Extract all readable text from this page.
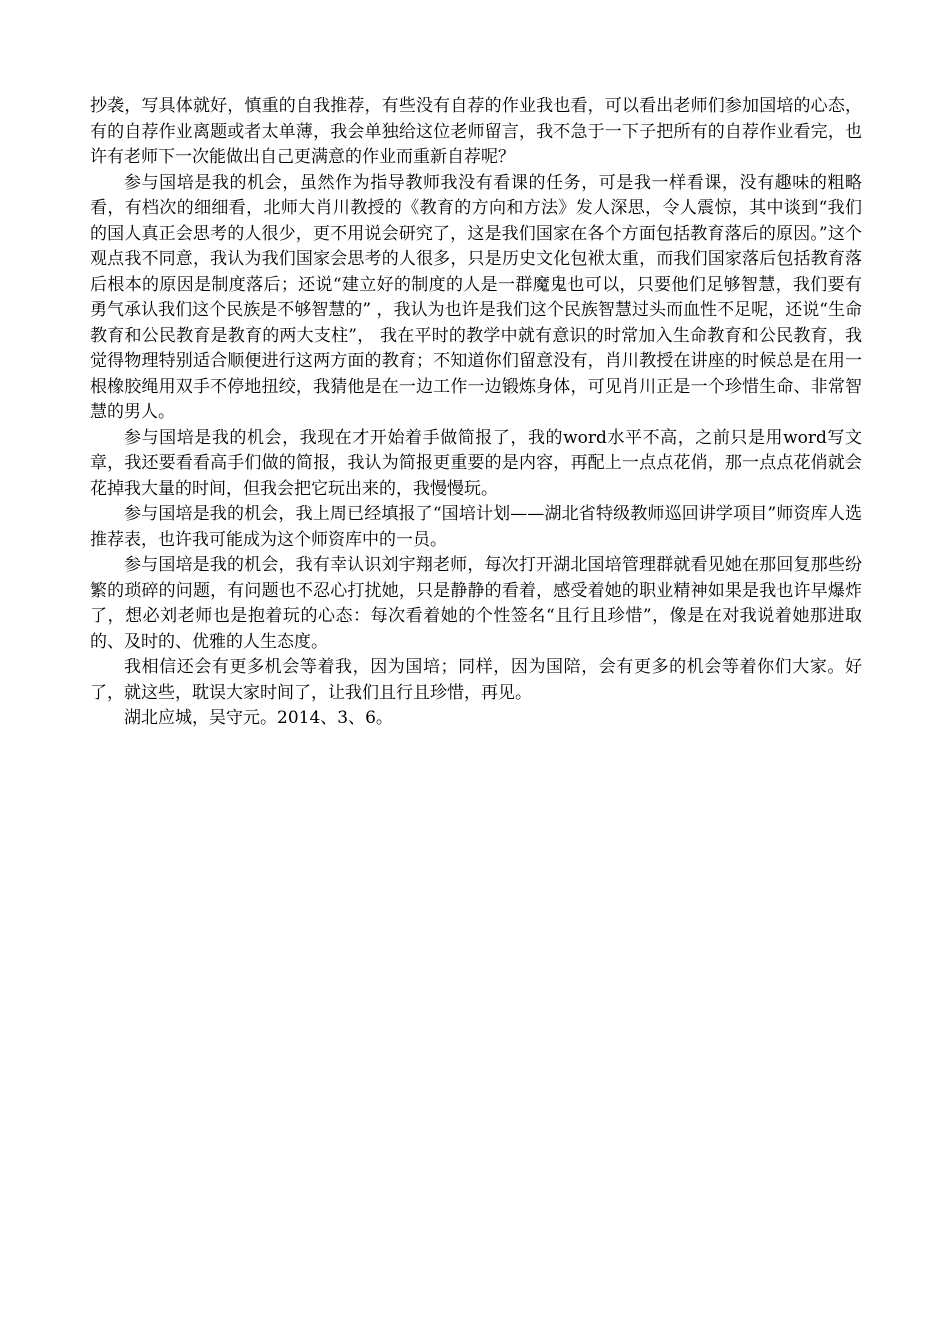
抄袭，写具体就好，慎重的自我推荐，有些没有自荐的作业我也看，可以看出老师们参加国培的心态，有的自荐作业离题或者太单薄，我会单独给这位老师留言，我不急于一下子把所有的自荐作业看完，也许有老师下一次能做出自己更满意的作业而重新自荐呢？

参与国培是我的机会，虽然作为指导教师我没有看课的任务，可是我一样看课，没有趣味的粗略看，有档次的细细看，北师大肖川教授的《教育的方向和方法》发人深思，令人震惊，其中谈到“我们的国人真正会思考的人很少，更不用说会研究了，这是我们国家在各个方面包括教育落后的原因。”这个观点我不同意，我认为我们国家会思考的人很多，只是历史文化包袱太重，而我们国家落后包括教育落后根本的原因是制度落后；还说“建立好的制度的人是一群魔鬼也可以，只要他们足够智慧，我们要有勇气承认我们这个民族是不够智慧的” ，我认为也许是我们这个民族智慧过头而血性不足呢，还说“生命教育和公民教育是教育的两大支柱”， 我在平时的教学中就有意识的时常加入生命教育和公民教育，我觉得物理特别适合顺便进行这两方面的教育；不知道你们留意没有，肖川教授在讲座的时候总是在用一根橡胶绳用双手不停地扭绞，我猜他是在一边工作一边锻炼身体，可见肖川正是一个珍惜生命、非常智慧的男人。

参与国培是我的机会，我现在才开始着手做简报了，我的word水平不高，之前只是用word写文章，我还要看看高手们做的简报，我认为简报更重要的是内容，再配上一点点花俏，那一点点花俏就会花掉我大量的时间，但我会把它玩出来的，我慢慢玩。

参与国培是我的机会，我上周已经填报了“国培计划——湖北省特级教师巡回讲学项目”师资库人选推荐表，也许我可能成为这个师资库中的一员。

参与国培是我的机会，我有幸认识刘宇翔老师，每次打开湖北国培管理群就看见她在那回复那些纷繁的琐碎的问题，有问题也不忍心打扰她，只是静静的看着，感受着她的职业精神如果是我也许早爆炸了，想必刘老师也是抱着玩的心态：每次看着她的个性签名“且行且珍惜”，像是在对我说着她那进取的、及时的、优雅的人生态度。

我相信还会有更多机会等着我，因为国培；同样，因为国陪，会有更多的机会等着你们大家。好了，就这些，耽误大家时间了，让我们且行且珍惜，再见。

湖北应城，吴守元。2014、3、6。
